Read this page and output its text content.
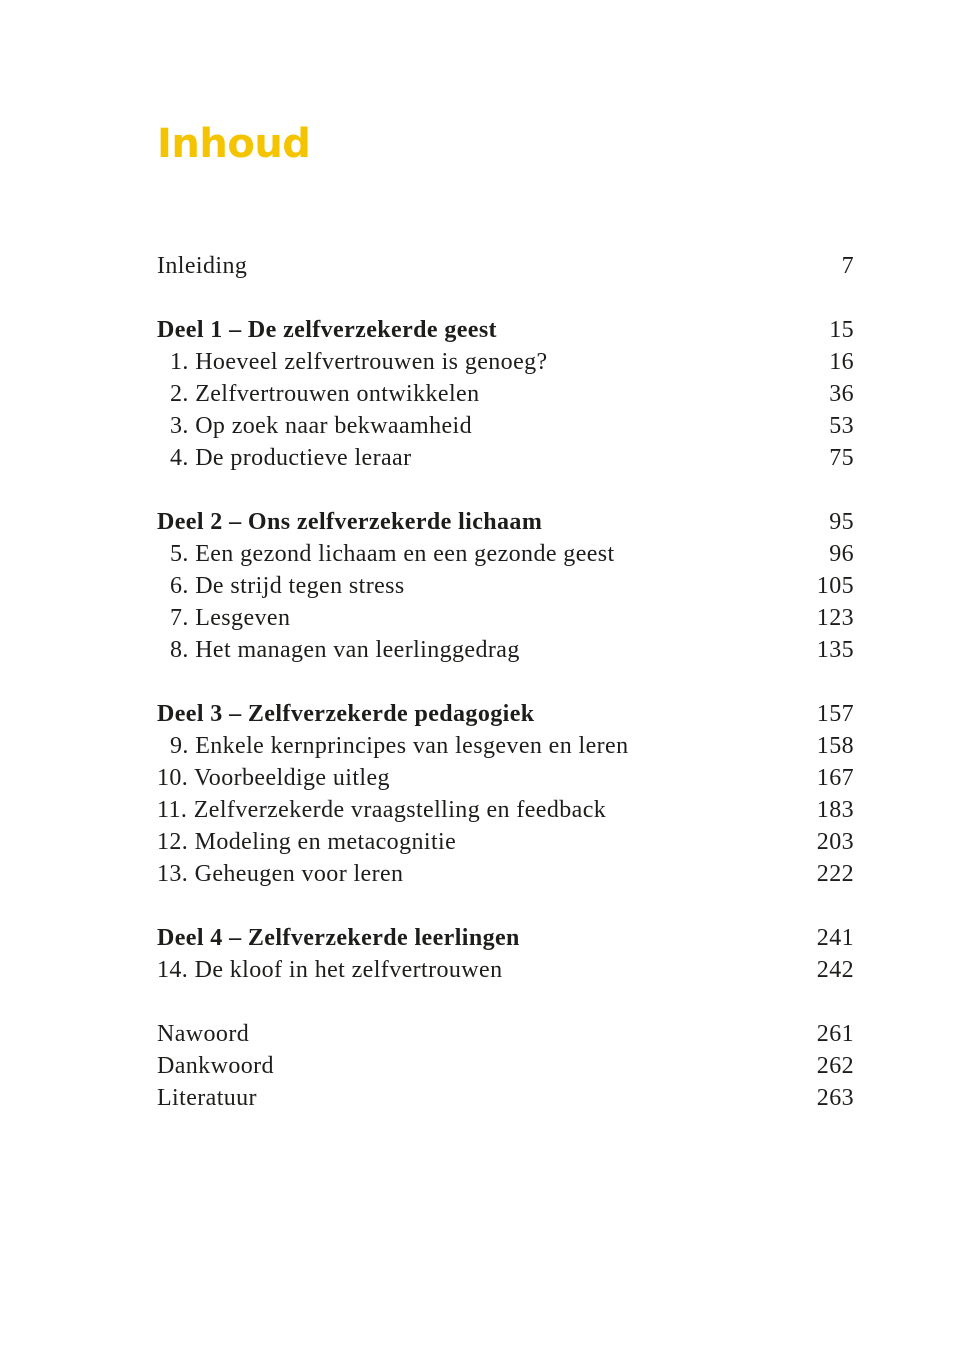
Inhoud
Inleiding	7
Deel 1 – De zelfverzekerde geest	15
1. Hoeveel zelfvertrouwen is genoeg?	16
2. Zelfvertrouwen ontwikkelen	36
3. Op zoek naar bekwaamheid	53
4. De productieve leraar	75
Deel 2 – Ons zelfverzekerde lichaam	95
5. Een gezond lichaam en een gezonde geest	96
6. De strijd tegen stress	105
7. Lesgeven	123
8. Het managen van leerlinggedrag	135
Deel 3 – Zelfverzekerde pedagogiek	157
9. Enkele kernprincipes van lesgeven en leren	158
10. Voorbeeldige uitleg	167
11. Zelfverzekerde vraagstelling en feedback	183
12. Modeling en metacognitie	203
13. Geheugen voor leren	222
Deel 4 – Zelfverzekerde leerlingen	241
14. De kloof in het zelfvertrouwen	242
Nawoord	261
Dankwoord	262
Literatuur	263
